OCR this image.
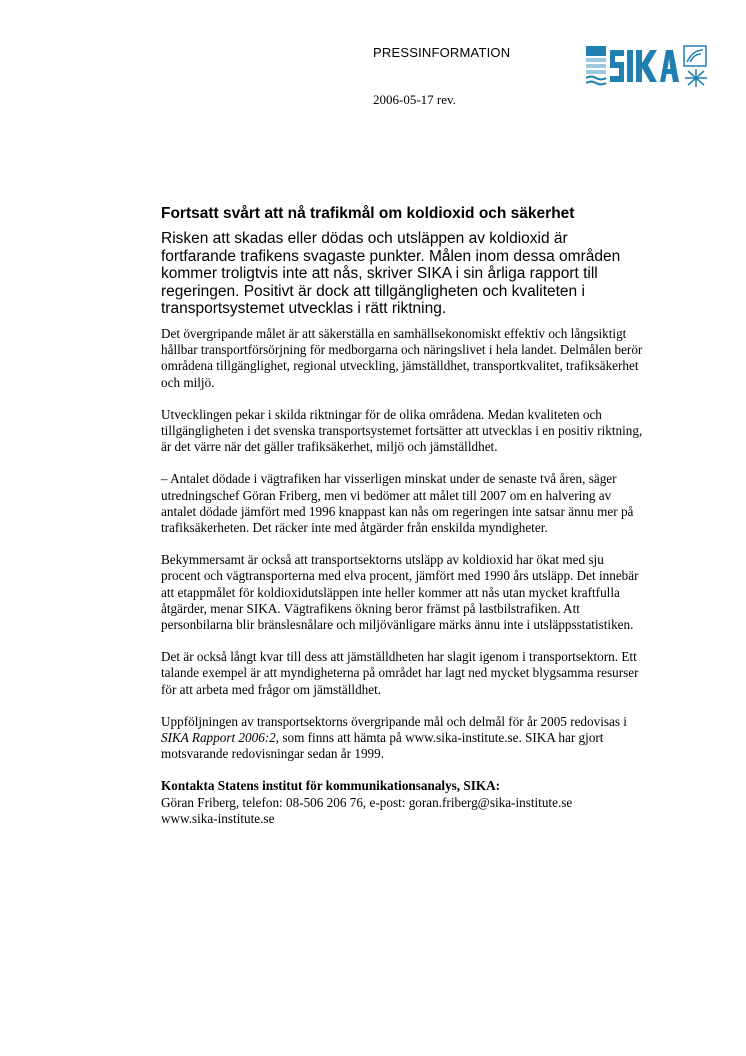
PRESSINFORMATION
2006-05-17 rev.
Fortsatt svårt att nå trafikmål om koldioxid och säkerhet

Risken att skadas eller dödas och utsläppen av koldioxid är fortfarande trafikens svagaste punkter. Målen inom dessa områden kommer troligtvis inte att nås, skriver SIKA i sin årliga rapport till regeringen. Positivt är dock att tillgängligheten och kvaliteten i transportsystemet utvecklas i rätt riktning.

Det övergripande målet är att säkerställa en samhällsekonomiskt effektiv och långsiktigt hållbar transportförsörjning för medborgarna och näringslivet i hela landet. Delmålen berör områdena tillgänglighet, regional utveckling, jämställdhet, transportkvalitet, trafiksäkerhet och miljö.

Utvecklingen pekar i skilda riktningar för de olika områdena. Medan kvaliteten och tillgängligheten i det svenska transportsystemet fortsätter att utvecklas i en positiv riktning, är det värre när det gäller trafiksäkerhet, miljö och jämställdhet.

– Antalet dödade i vägtrafiken har visserligen minskat under de senaste två åren, säger utredningschef Göran Friberg, men vi bedömer att målet till 2007 om en halvering av antalet dödade jämfört med 1996 knappast kan nås om regeringen inte satsar ännu mer på trafiksäkerheten. Det räcker inte med åtgärder från enskilda myndigheter.

Bekymmersamt är också att transportsektorns utsläpp av koldioxid har ökat med sju procent och vägtransporterna med elva procent, jämfört med 1990 års utsläpp. Det innebär att etappmålet för koldioxidutsläppen inte heller kommer att nås utan mycket kraftfulla åtgärder, menar SIKA. Vägtrafikens ökning beror främst på lastbilstrafiken. Att personbilarna blir bränslesnålare och miljövänligare märks ännu inte i utsläppsstatistiken.

Det är också långt kvar till dess att jämställdheten har slagit igenom i transportsektorn. Ett talande exempel är att myndigheterna på området har lagt ned mycket blygsamma resurser för att arbeta med frågor om jämställdhet.

Uppföljningen av transportsektorns övergripande mål och delmål för år 2005 redovisas i SIKA Rapport 2006:2, som finns att hämta på www.sika-institute.se. SIKA har gjort motsvarande redovisningar sedan år 1999.

Kontakta Statens institut för kommunikationsanalys, SIKA:
Göran Friberg, telefon: 08-506 206 76, e-post: goran.friberg@sika-institute.se
www.sika-institute.se
